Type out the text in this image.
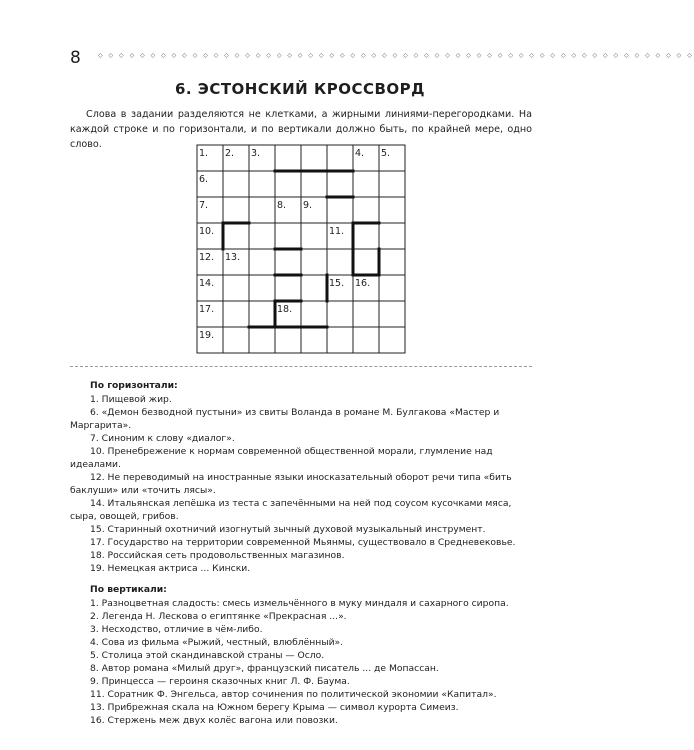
8	◇ ◇ ◇ ◇ ◇ ◇ ◇ ◇ ◇ ◇ ◇ ◇ ◇ ◇ ◇ ◇ ◇ ◇ ◇ ◇ ◇ ◇ ◇ ◇ ◇ ◇ ◇ ◇ ◇ ◇ ◇ ◇ ◇ ◇ ◇ ◇ ◇ ◇ ◇ ◇ ◇ ◇ ◇ ◇ ◇ ◇ ◇ ◇ ◇ ◇ ◇ ◇ ◇ ◇ ◇ ◇ ◇
6. ЭСТОНСКИЙ КРОССВОРД
Слова в задании разделяются не клетками, а жирными линиями-перегородками. На каждой строке и по горизонтали, и по вертикали должно быть, по крайней мере, одно слово.
1. 2. 3.	4. 5.
6.
7.	8. 9.
10.	11.
12. 13.
14.	15. 16.
17.	18.
19.

По горизонтали:

1. Пищевой жир.

6. «Демон безводной пустыни» из свиты Воланда в романе М. Булгакова «Мастер и Маргарита».

7. Синоним к слову «диалог».

10. Пренебрежение к нормам современной общественной морали, глумление над идеалами.

12. Не переводимый на иностранные языки иносказательный оборот речи типа «бить баклуши» или «точить лясы».

14. Итальянская лепёшка из теста с запечёнными на ней под соусом кусочками мяса, сыра, овощей, грибов.

15. Старинный охотничий изогнутый зычный духовой музыкальный инструмент.

17. Государство на территории современной Мьянмы, существовало в Средневековье.

18. Российская сеть продовольственных магазинов.

19. Немецкая актриса ... Кински.

По вертикали:

1. Разноцветная сладость: смесь измельчённого в муку миндаля и сахарного сиропа.

2. Легенда Н. Лескова о египтянке «Прекрасная ...».

3. Несходство, отличие в чём-либо.

4. Сова из фильма «Рыжий, честный, влюблённый».

5. Столица этой скандинавской страны — Осло.

8. Автор романа «Милый друг», французский писатель ... де Мопассан.

9. Принцесса — героиня сказочных книг Л. Ф. Баума.

11. Соратник Ф. Энгельса, автор сочинения по политической экономии «Капитал».

13. Прибрежная скала на Южном берегу Крыма — символ курорта Симеиз.

16. Стержень меж двух колёс вагона или повозки.
